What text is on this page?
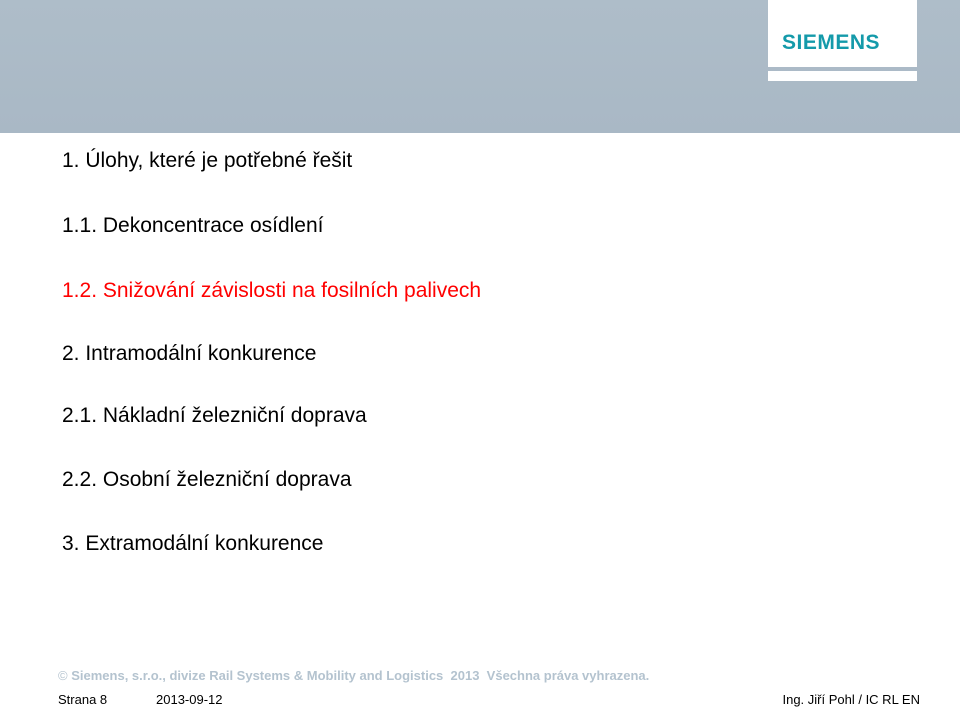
SIEMENS
1. Úlohy, které je potřebné řešit
1.1. Dekoncentrace osídlení
1.2. Snižování závislosti na fosilních palivech
2. Intramodální konkurence
2.1. Nákladní železniční doprava
2.2. Osobní železniční doprava
3. Extramodální konkurence
© Siemens, s.r.o., divize Rail Systems & Mobility and Logistics 2013 Všechna práva vyhrazena.
Strana 8	2013-09-12	Ing. Jiří Pohl / IC RL EN
